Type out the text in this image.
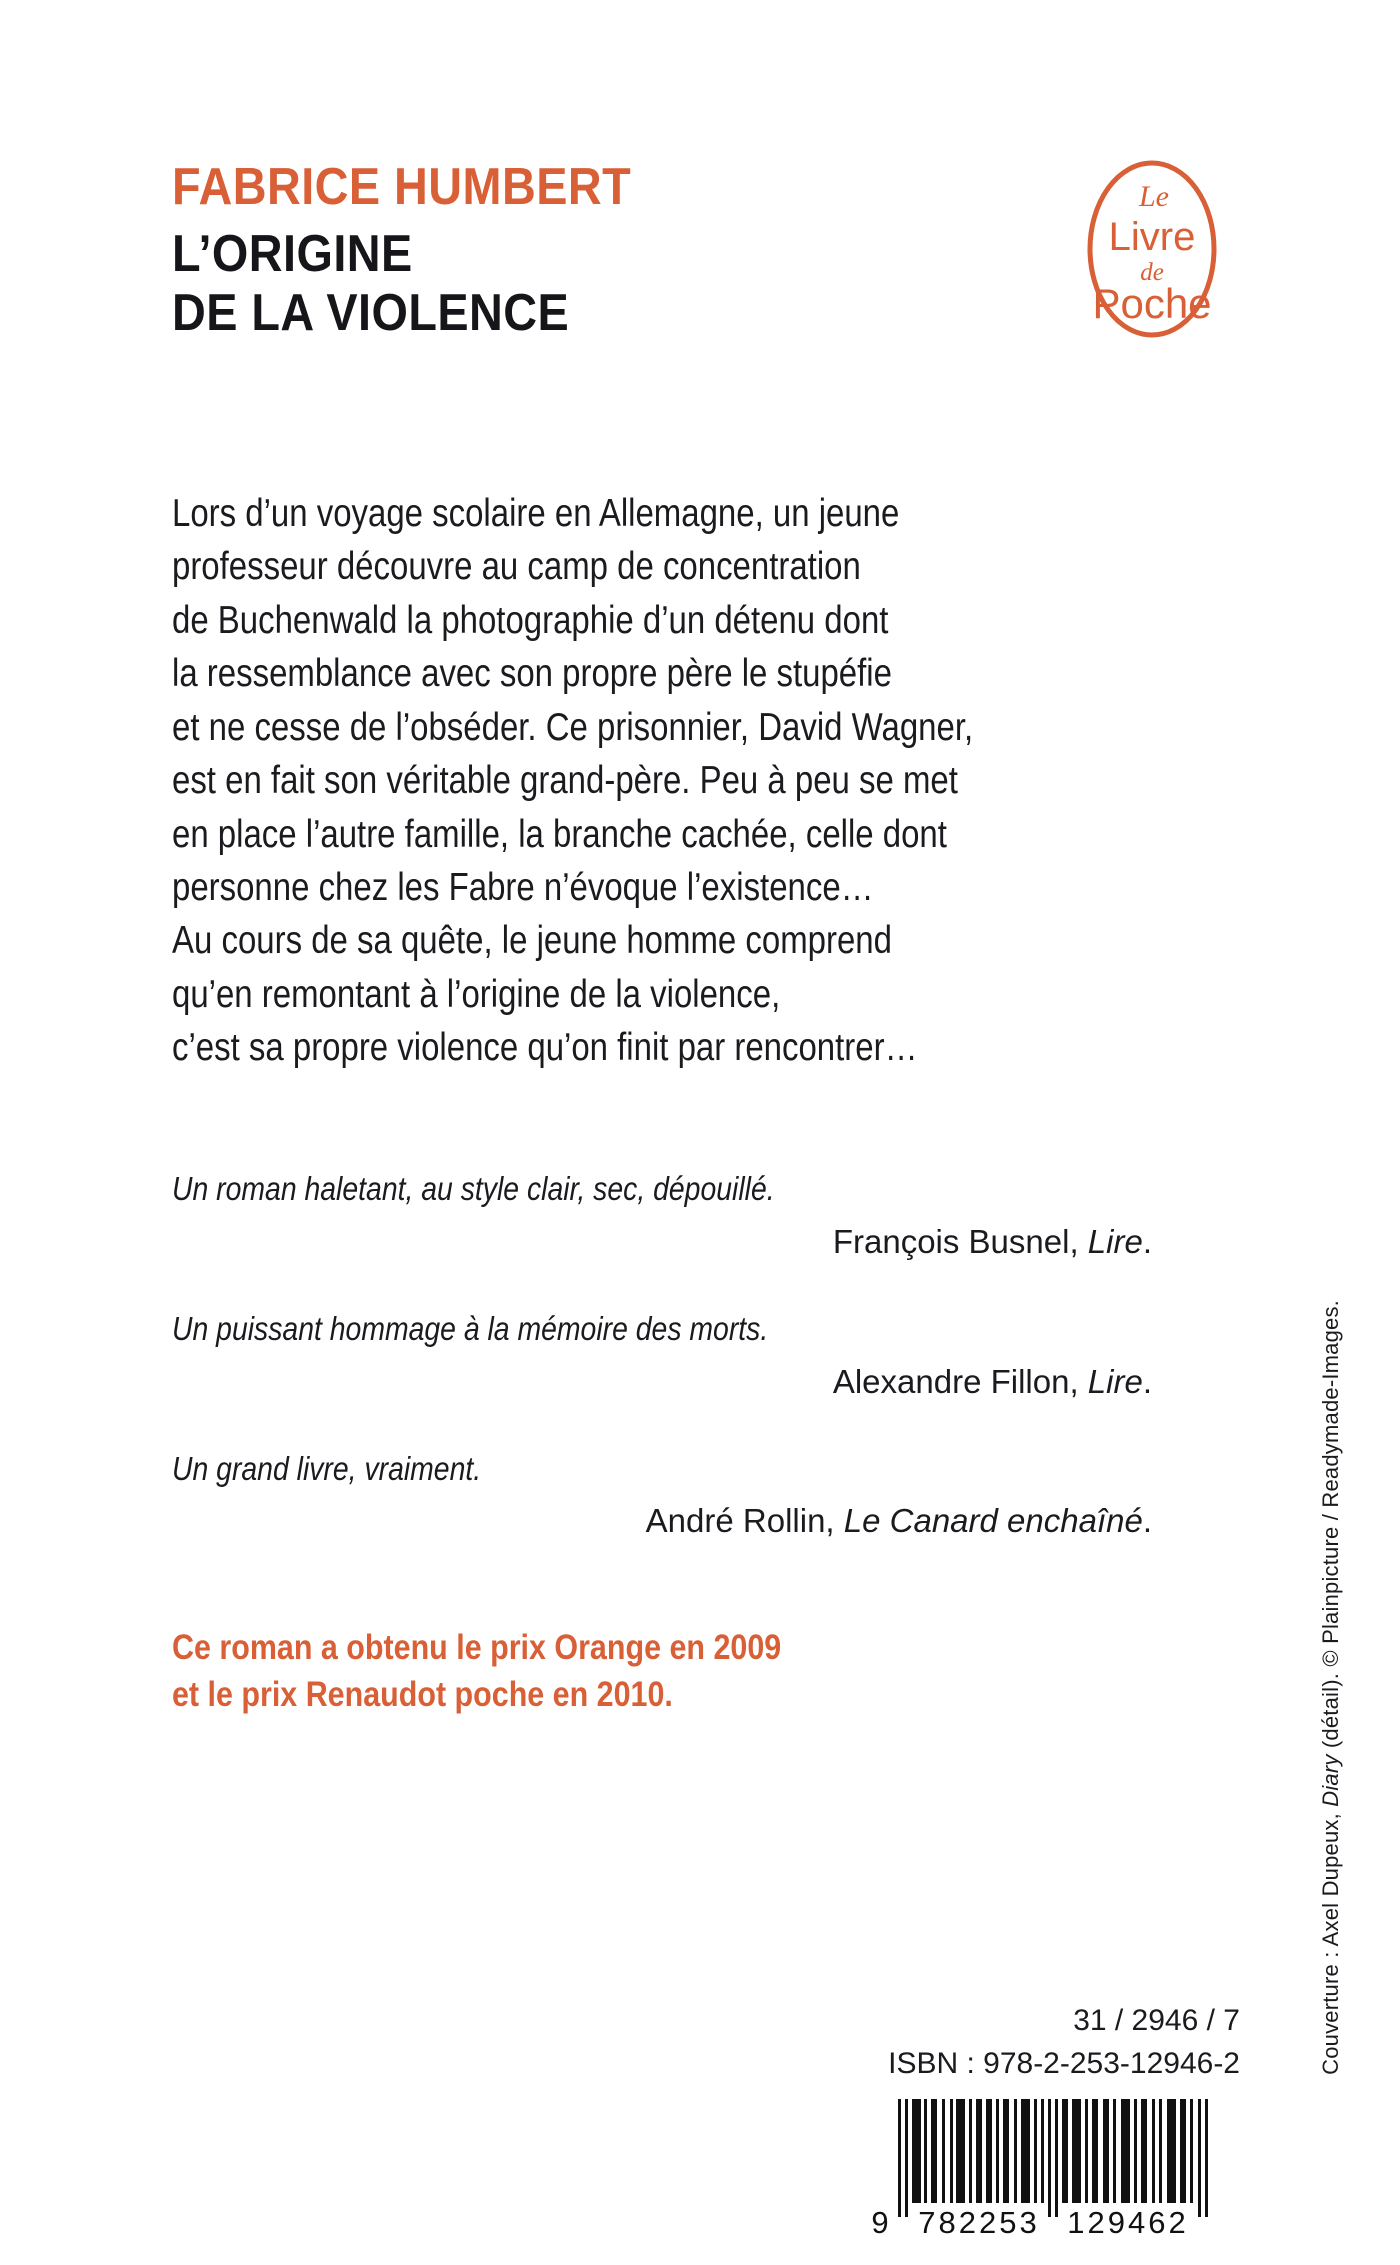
FABRICE HUMBERT
L’ORIGINE
DE LA VIOLENCE
Le
Livre
de
Poche
Lors d’un voyage scolaire en Allemagne, un jeune
professeur découvre au camp de concentration
de Buchenwald la photographie d’un détenu dont
la ressemblance avec son propre père le stupéfie
et ne cesse de l’obséder. Ce prisonnier, David Wagner,
est en fait son véritable grand-père. Peu à peu se met
en place l’autre famille, la branche cachée, celle dont
personne chez les Fabre n’évoque l’existence…
Au cours de sa quête, le jeune homme comprend
qu’en remontant à l’origine de la violence,
c’est sa propre violence qu’on finit par rencontrer…
Un roman haletant, au style clair, sec, dépouillé.
François Busnel, Lire.
Un puissant hommage à la mémoire des morts.
Alexandre Fillon, Lire.
Un grand livre, vraiment.
André Rollin, Le Canard enchaîné.
Ce roman a obtenu le prix Orange en 2009
et le prix Renaudot poche en 2010.
31 / 2946 / 7
ISBN : 978-2-253-12946-2
9 782253 129462
Couverture : Axel Dupeux, Diary (détail). © Plainpicture / Readymade-Images.
